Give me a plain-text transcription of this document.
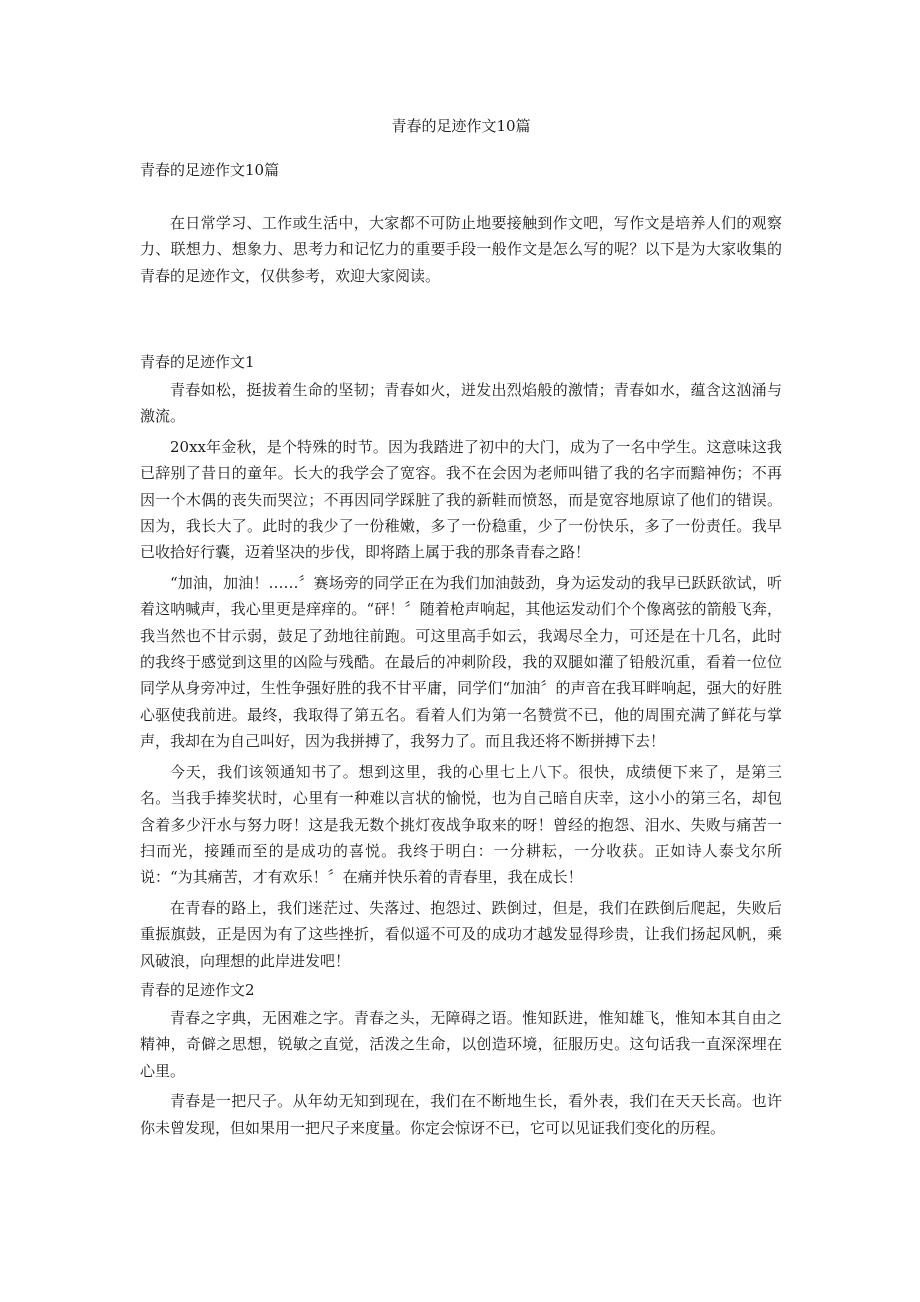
青春的足迹作文10篇
青春的足迹作文10篇

在日常学习、工作或生活中，大家都不可防止地要接触到作文吧，写作文是培养人们的观察力、联想力、想象力、思考力和记忆力的重要手段一般作文是怎么写的呢？以下是为大家收集的青春的足迹作文，仅供参考，欢迎大家阅读。

青春的足迹作文1

青春如松，挺拔着生命的坚韧；青春如火，迸发出烈焰般的激情；青春如水，蕴含这汹涌与激流。

20xx年金秋，是个特殊的时节。因为我踏进了初中的大门，成为了一名中学生。这意味这我已辞别了昔日的童年。长大的我学会了宽容。我不在会因为老师叫错了我的名字而黯神伤；不再因一个木偶的丧失而哭泣；不再因同学踩脏了我的新鞋而愤怒，而是宽容地原谅了他们的错误。因为，我长大了。此时的我少了一份稚嫩，多了一份稳重，少了一份快乐，多了一份责任。我早已收拾好行囊，迈着坚决的步伐，即将踏上属于我的那条青春之路！

“加油，加油！……〞赛场旁的同学正在为我们加油鼓劲，身为运发动的我早已跃跃欲试，听着这呐喊声，我心里更是痒痒的。“砰！〞随着枪声响起，其他运发动们个个像离弦的箭般飞奔，我当然也不甘示弱，鼓足了劲地往前跑。可这里高手如云，我竭尽全力，可还是在十几名，此时的我终于感觉到这里的凶险与残酷。在最后的冲刺阶段，我的双腿如灌了铅般沉重，看着一位位同学从身旁冲过，生性争强好胜的我不甘平庸，同学们“加油〞的声音在我耳畔响起，强大的好胜心驱使我前进。最终，我取得了第五名。看着人们为第一名赞赏不已，他的周围充满了鲜花与掌声，我却在为自己叫好，因为我拼搏了，我努力了。而且我还将不断拼搏下去！

今天，我们该领通知书了。想到这里，我的心里七上八下。很快，成绩便下来了，是第三名。当我手捧奖状时，心里有一种难以言状的愉悦，也为自己暗自庆幸，这小小的第三名，却包含着多少汗水与努力呀！这是我无数个挑灯夜战争取来的呀！曾经的抱怨、泪水、失败与痛苦一扫而光，接踵而至的是成功的喜悦。我终于明白：一分耕耘，一分收获。正如诗人泰戈尔所说：“为其痛苦，才有欢乐！〞在痛并快乐着的青春里，我在成长！

在青春的路上，我们迷茫过、失落过、抱怨过、跌倒过，但是，我们在跌倒后爬起，失败后重振旗鼓，正是因为有了这些挫折，看似遥不可及的成功才越发显得珍贵，让我们扬起风帆，乘风破浪，向理想的此岸进发吧！

青春的足迹作文2

青春之字典，无困难之字。青春之头，无障碍之语。惟知跃进，惟知雄飞，惟知本其自由之精神，奇僻之思想，锐敏之直觉，活泼之生命，以创造环境，征服历史。这句话我一直深深埋在心里。

青春是一把尺子。从年幼无知到现在，我们在不断地生长，看外表，我们在天天长高。也许你未曾发现，但如果用一把尺子来度量。你定会惊讶不已，它可以见证我们变化的历程。
